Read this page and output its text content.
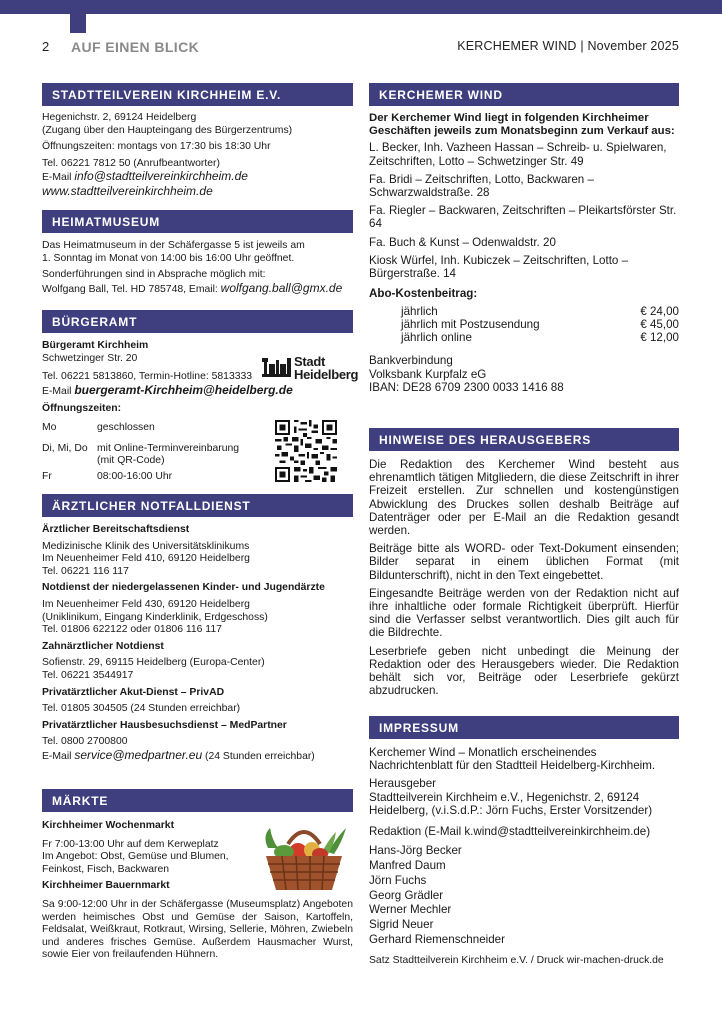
2 AUF EINEN BLICK	KERCHEMER WIND | November 2025
STADTTEILVEREIN KIRCHHEIM E.V.
Hegenichstr. 2, 69124 Heidelberg
(Zugang über den Haupteingang des Bürgerzentrums)
Öffnungszeiten: montags von 17:30 bis 18:30 Uhr
Tel. 06221 7812 50 (Anrufbeantworter)
E-Mail info@stadtteilvereinkirchheim.de
www.stadtteilvereinkirchheim.de
HEIMATMUSEUM
Das Heimatmuseum in der Schäfergasse 5 ist jeweils am
1. Sonntag im Monat von 14:00 bis 16:00 Uhr geöffnet.
Sonderführungen sind in Absprache möglich mit:
Wolfgang Ball, Tel. HD 785748, Email: wolfgang.ball@gmx.de
BÜRGERAMT
Bürgeramt Kirchheim
Schwetzinger Str. 20
Tel. 06221 5813860, Termin-Hotline: 5813333
E-Mail buergeramt-Kirchheim@heidelberg.de
Öffnungszeiten:
Mo	geschlossen
Di, Mi, Do	mit Online-Terminvereinbarung
(mit QR-Code)

Fr	08:00-16:00 Uhr
Stadt
Heidelberg
ÄRZTLICHER NOTFALLDIENST

Ärztlicher Bereitschaftsdienst

Medizinische Klinik des Universitätsklinikums
Im Neuenheimer Feld 410, 69120 Heidelberg
Tel. 06221 116 117

Notdienst der niedergelassenen Kinder- und Jugendärzte

Im Neuenheimer Feld 430, 69120 Heidelberg
(Uniklinikum, Eingang Kinderklinik, Erdgeschoss)
Tel. 01806 622122 oder 01806 116 117

Zahnärztlicher Notdienst

Sofienstr. 29, 69115 Heidelberg (Europa-Center)
Tel. 06221 3544917

Privatärztlicher Akut-Dienst – PrivAD

Tel. 01805 304505 (24 Stunden erreichbar)

Privatärztlicher Hausbesuchsdienst – MedPartner

Tel. 0800 2700800
E-Mail service@medpartner.eu (24 Stunden erreichbar)
MÄRKTE

Kirchheimer Wochenmarkt

Fr 7:00-13:00 Uhr auf dem Kerweplatz
Im Angebot: Obst, Gemüse und Blumen,
Feinkost, Fisch, Backwaren

Kirchheimer Bauernmarkt

Sa 9:00-12:00 Uhr in der Schäfergasse (Museumsplatz) Angeboten werden heimisches Obst und Gemüse der Saison, Kartoffeln, Feldsalat, Weißkraut, Rotkraut, Wirsing, Sellerie, Möhren, Zwiebeln und anderes frisches Gemüse. Außerdem Hausmacher Wurst, sowie Eier von freilaufenden Hühnern.
KERCHEMER WIND

Der Kerchemer Wind liegt in folgenden Kirchheimer Geschäften jeweils zum Monatsbeginn zum Verkauf aus:

L. Becker, Inh. Vazheen Hassan – Schreib- u. Spielwaren, Zeitschriften, Lotto – Schwetzinger Str. 49

Fa. Bridi – Zeitschriften, Lotto, Backwaren – Schwarzwaldstraße. 28

Fa. Riegler – Backwaren, Zeitschriften – Pleikartsförster Str. 64

Fa. Buch & Kunst – Odenwaldstr. 20

Kiosk Würfel, Inh. Kubiczek – Zeitschriften, Lotto – Bürgerstraße. 14

Abo-Kostenbeitrag:

jährlich	€ 24,00
jährlich mit Postzusendung	€ 45,00
jährlich online	€ 12,00
Bankverbindung
Volksbank Kurpfalz eG
IBAN: DE28 6709 2300 0033 1416 88
HINWEISE DES HERAUSGEBERS

Die Redaktion des Kerchemer Wind besteht aus ehrenamtlich tätigen Mitgliedern, die diese Zeitschrift in ihrer Freizeit erstellen. Zur schnellen und kostengünstigen Abwicklung des Druckes sollen deshalb Beiträge auf Datenträger oder per E-Mail an die Redaktion gesandt werden.

Beiträge bitte als WORD- oder Text-Dokument einsenden; Bilder separat in einem üblichen Format (mit Bildunterschrift), nicht in den Text eingebettet.

Eingesandte Beiträge werden von der Redaktion nicht auf ihre inhaltliche oder formale Richtigkeit überprüft. Hierfür sind die Verfasser selbst verantwortlich. Dies gilt auch für die Bildrechte.

Leserbriefe geben nicht unbedingt die Meinung der Redaktion oder des Herausgebers wieder. Die Redaktion behält sich vor, Beiträge oder Leserbriefe gekürzt abzudrucken.

IMPRESSUM

Kerchemer Wind – Monatlich erscheinendes Nachrichtenblatt für den Stadtteil Heidelberg-Kirchheim.

Herausgeber

Stadtteilverein Kirchheim e.V., Hegenichstr. 2, 69124 Heidelberg, (v.i.S.d.P.: Jörn Fuchs, Erster Vorsitzender)

Redaktion (E-Mail k.wind@stadtteilvereinkirchheim.de)

Hans-Jörg Becker
Manfred Daum
Jörn Fuchs
Georg Grädler
Werner Mechler
Sigrid Neuer
Gerhard Riemenschneider
Satz Stadtteilverein Kirchheim e.V. / Druck wir-machen-druck.de
